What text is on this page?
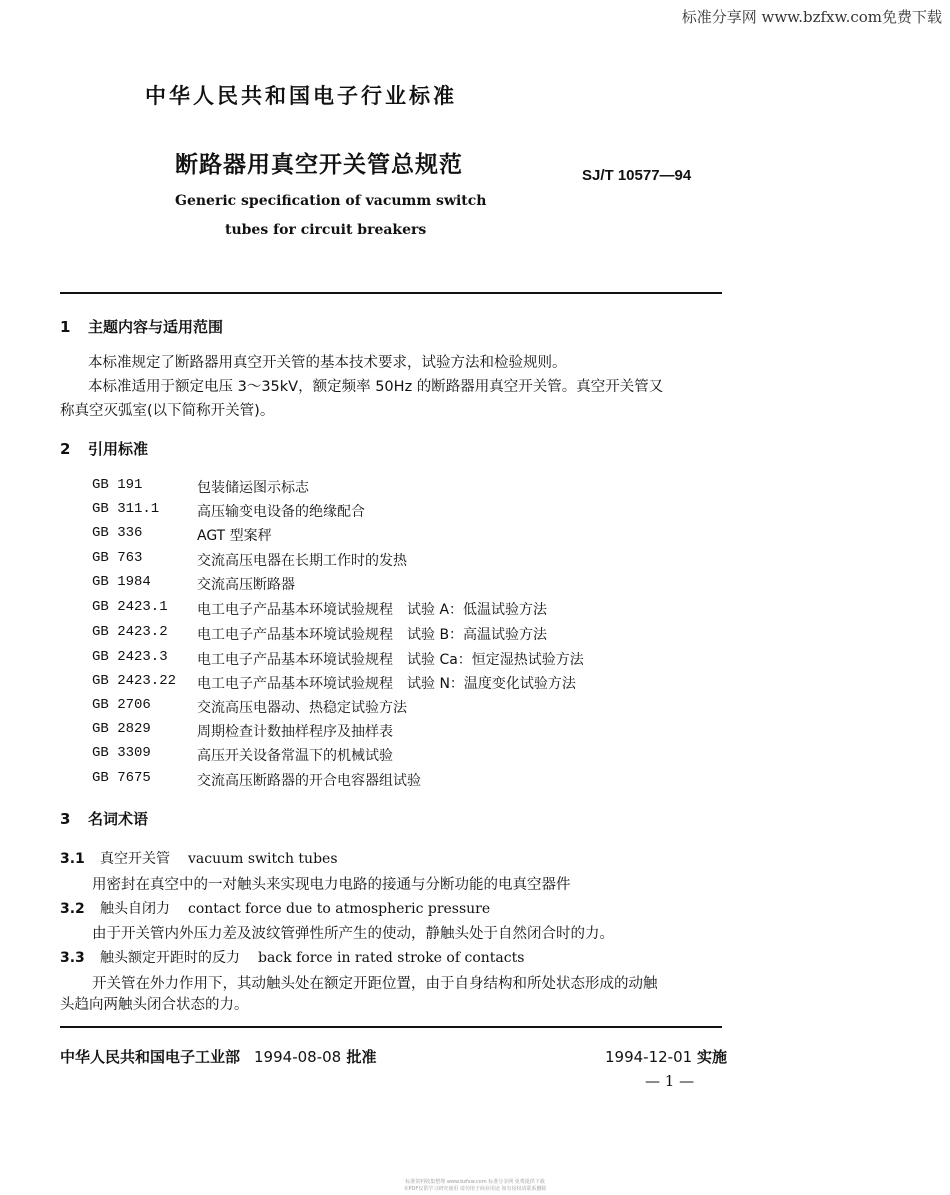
标准分享网 www.bzfxw.com免费下载
中华人民共和国电子行业标准
断路器用真空开关管总规范	SJ/T 10577—94
Generic specification of vacumm switch
tubes for circuit breakers
1 主题内容与适用范围
本标准规定了断路器用真空开关管的基本技术要求，试验方法和检验规则。
本标准适用于额定电压 3～35kV，额定频率 50Hz 的断路器用真空开关管。真空开关管又
称真空灭弧室(以下简称开关管)。
2 引用标准
GB 191	包装储运图示标志
GB 311.1	高压输变电设备的绝缘配合
GB 336	AGT 型案秤
GB 763	交流高压电器在长期工作时的发热
GB 1984	交流高压断路器
GB 2423.1 电工电子产品基本环境试验规程　试验 A：低温试验方法
GB 2423.2 电工电子产品基本环境试验规程　试验 B：高温试验方法
GB 2423.3 电工电子产品基本环境试验规程　试验 Ca：恒定湿热试验方法
GB 2423.22 电工电子产品基本环境试验规程　试验 N：温度变化试验方法
GB 2706	交流高压电器动、热稳定试验方法
GB 2829	周期检查计数抽样程序及抽样表
GB 3309	高压开关设备常温下的机械试验
GB 7675	交流高压断路器的开合电容器组试验
3 名词术语
3.1 真空开关管 vacuum switch tubes
用密封在真空中的一对触头来实现电力电路的接通与分断功能的电真空器件
3.2 触头自闭力 contact force due to atmospheric pressure
由于开关管内外压力差及波纹管弹性所产生的使动，静触头处于自然闭合时的力。
3.3 触头额定开距时的反力 back force in rated stroke of contacts
开关管在外力作用下，其动触头处在额定开距位置，由于自身结构和所处状态形成的动触
头趋向两触头闭合状态的力。
中华人民共和国电子工业部 1994-08-08 批准	1994-12-01 实施
— 1 —
标准资料收集整理 www.bzfxw.com 标准分享网 免费提供下载
本PDF仅供学习研究使用 请勿用于商业用途 如有侵权请联系删除
